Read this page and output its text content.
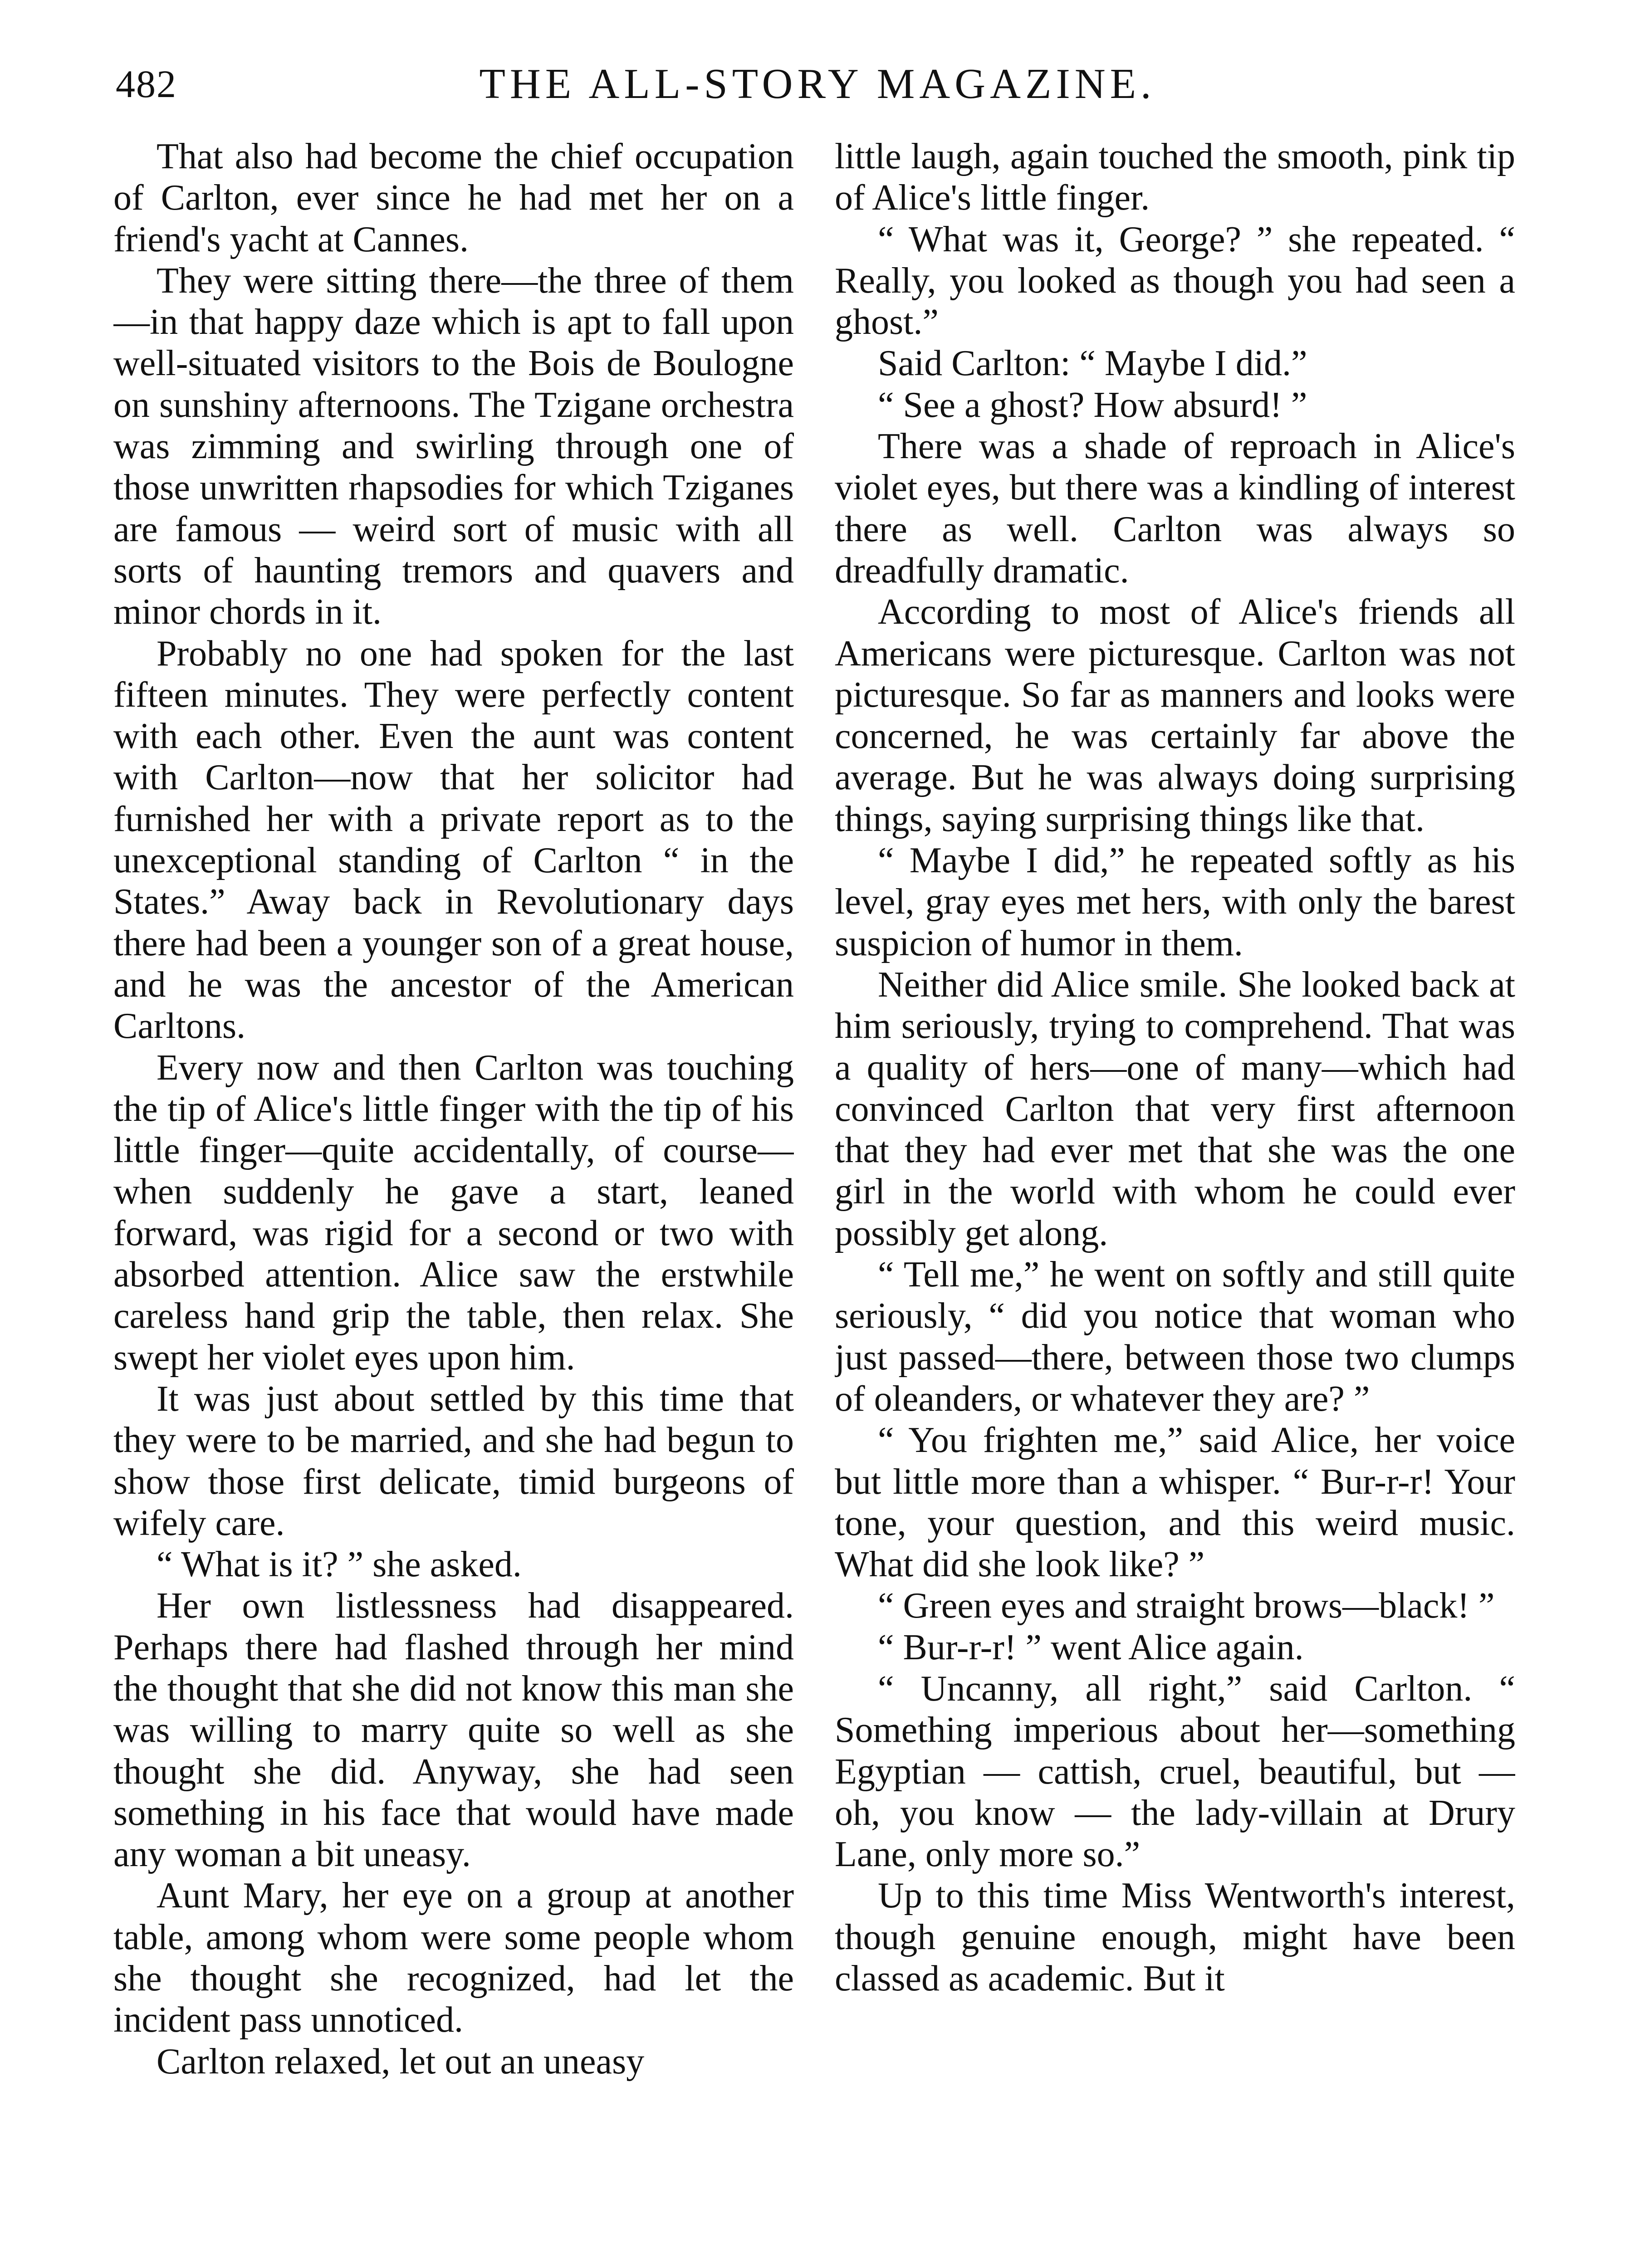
482	THE ALL-STORY MAGAZINE.

That also had become the chief occupation of Carlton, ever since he had met her on a friend's yacht at Cannes.

They were sitting there—the three of them—in that happy daze which is apt to fall upon well-situated visitors to the Bois de Boulogne on sunshiny afternoons. The Tzigane orchestra was zimming and swirling through one of those unwritten rhapsodies for which Tziganes are famous — weird sort of music with all sorts of haunting tremors and quavers and minor chords in it.

Probably no one had spoken for the last fifteen minutes. They were perfectly content with each other. Even the aunt was content with Carlton—now that her solicitor had furnished her with a private report as to the unexceptional standing of Carlton “ in the States.” Away back in Revolutionary days there had been a younger son of a great house, and he was the ancestor of the American Carltons.

Every now and then Carlton was touching the tip of Alice's little finger with the tip of his little finger—quite accidentally, of course—when suddenly he gave a start, leaned forward, was rigid for a second or two with absorbed attention. Alice saw the erstwhile careless hand grip the table, then relax. She swept her violet eyes upon him.

It was just about settled by this time that they were to be married, and she had begun to show those first delicate, timid burgeons of wifely care.

“ What is it? ” she asked.

Her own listlessness had disappeared. Perhaps there had flashed through her mind the thought that she did not know this man she was willing to marry quite so well as she thought she did. Anyway, she had seen something in his face that would have made any woman a bit uneasy.

Aunt Mary, her eye on a group at another table, among whom were some people whom she thought she recognized, had let the incident pass unnoticed.

Carlton relaxed, let out an uneasy

little laugh, again touched the smooth, pink tip of Alice's little finger.

“ What was it, George? ” she repeated. “ Really, you looked as though you had seen a ghost.”

Said Carlton: “ Maybe I did.”

“ See a ghost? How absurd! ”

There was a shade of reproach in Alice's violet eyes, but there was a kindling of interest there as well. Carlton was always so dreadfully dramatic.

According to most of Alice's friends all Americans were picturesque. Carlton was not picturesque. So far as manners and looks were concerned, he was certainly far above the average. But he was always doing surprising things, saying surprising things like that.

“ Maybe I did,” he repeated softly as his level, gray eyes met hers, with only the barest suspicion of humor in them.

Neither did Alice smile. She looked back at him seriously, trying to comprehend. That was a quality of hers—one of many—which had convinced Carlton that very first afternoon that they had ever met that she was the one girl in the world with whom he could ever possibly get along.

“ Tell me,” he went on softly and still quite seriously, “ did you notice that woman who just passed—there, between those two clumps of oleanders, or whatever they are? ”

“ You frighten me,” said Alice, her voice but little more than a whisper. “ Bur-r-r! Your tone, your question, and this weird music. What did she look like? ”

“ Green eyes and straight brows—black! ”

“ Bur-r-r! ” went Alice again.

“ Uncanny, all right,” said Carlton. “ Something imperious about her—something Egyptian — cattish, cruel, beautiful, but — oh, you know — the lady-villain at Drury Lane, only more so.”

Up to this time Miss Wentworth's interest, though genuine enough, might have been classed as academic. But it
